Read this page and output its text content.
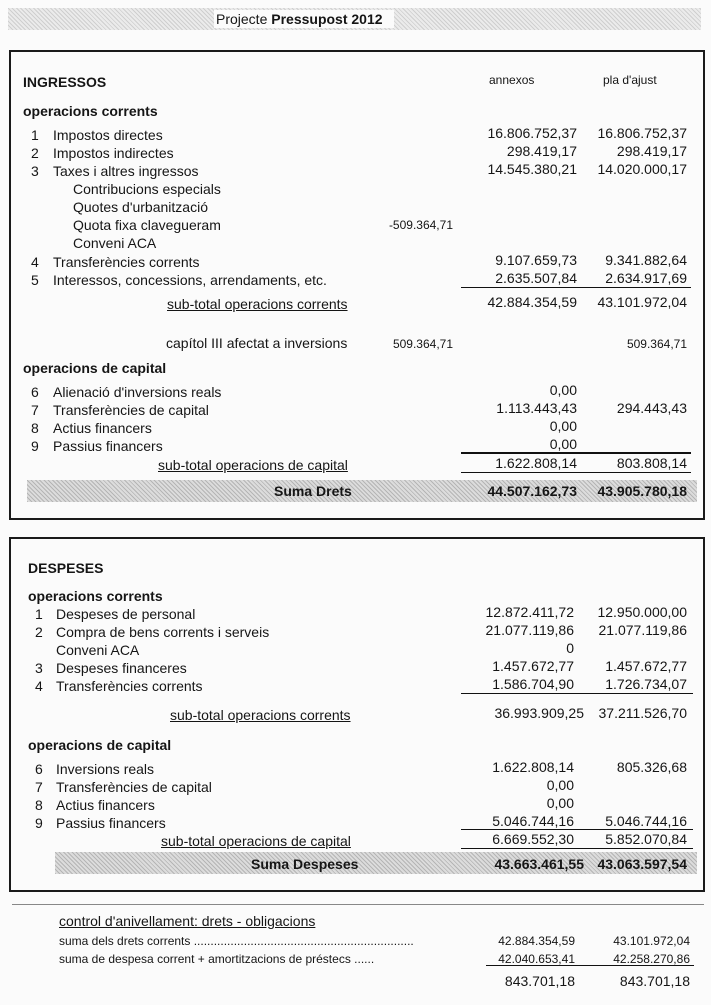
Projecte Pressupost 2012
INGRESSOS	annexos	pla d'ajust
operacions corrents
1 Impostos directes	16.806.752,37 16.806.752,37
2 Impostos indirectes	298.419,17	298.419,17
3 Taxes i altres ingressos	14.545.380,21 14.020.000,17
Contribucions especials
Quotes d'urbanització
Quota fixa clavegueram	-509.364,71
Conveni ACA
4 Transferències corrents	9.107.659,73 9.341.882,64
5 Interessos, concessions, arrendaments, etc.	2.635.507,84 2.634.917,69
sub-total operacions corrents	42.884.354,59 43.101.972,04
capítol III afectat a inversions	509.364,71	509.364,71
operacions de capital
6 Alienació d'inversions reals	0,00
7 Transferències de capital	1.113.443,43	294.443,43
8 Actius financers	0,00
9 Passius financers	0,00
sub-total operacions de capital	1.622.808,14	803.808,14
Suma Drets	44.507.162,73 43.905.780,18
DESPESES
operacions corrents
1 Despeses de personal	12.872.411,72 12.950.000,00
2 Compra de bens corrents i serveis	21.077.119,86 21.077.119,86
Conveni ACA	0
3 Despeses financeres	1.457.672,77 1.457.672,77
4 Transferències corrents	1.586.704,90 1.726.734,07
sub-total operacions corrents	36.993.909,25 37.211.526,70
operacions de capital
6 Inversions reals	1.622.808,14	805.326,68
7 Transferències de capital	0,00
8 Actius financers	0,00
9 Passius financers	5.046.744,16 5.046.744,16
sub-total operacions de capital	6.669.552,30 5.852.070,84
Suma Despeses	43.663.461,55 43.063.597,54
control d'anivellament: drets - obligacions
suma dels drets corrents ..................................................................	42.884.354,59	43.101.972,04
suma de despesa corrent + amortitzacions de préstecs ......	42.040.653,41	42.258.270,86
843.701,18	843.701,18
